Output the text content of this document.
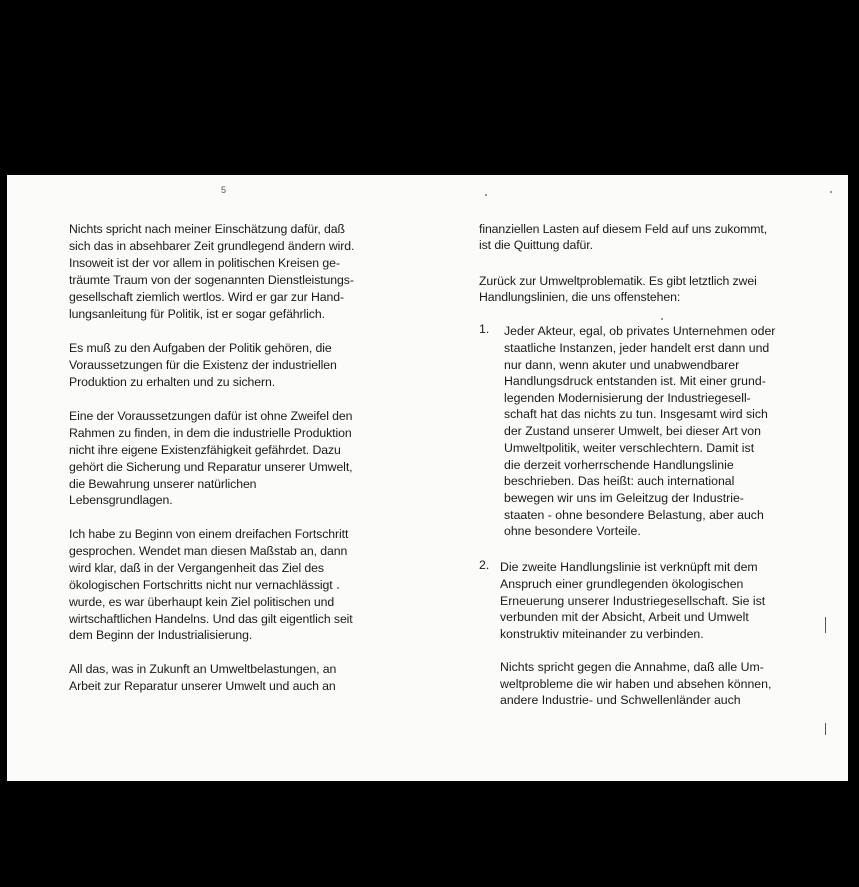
5
Nichts spricht nach meiner Einschätzung dafür, daß
sich das in absehbarer Zeit grundlegend ändern wird.
Insoweit ist der vor allem in politischen Kreisen ge-
träumte Traum von der sogenannten Dienstleistungs-
gesellschaft ziemlich wertlos. Wird er gar zur Hand-
lungsanleitung für Politik, ist er sogar gefährlich.
Es muß zu den Aufgaben der Politik gehören, die
Voraussetzungen für die Existenz der industriellen
Produktion zu erhalten und zu sichern.
Eine der Voraussetzungen dafür ist ohne Zweifel den
Rahmen zu finden, in dem die industrielle Produktion
nicht ihre eigene Existenzfähigkeit gefährdet. Dazu
gehört die Sicherung und Reparatur unserer Umwelt,
die Bewahrung unserer natürlichen
Lebensgrundlagen.
Ich habe zu Beginn von einem dreifachen Fortschritt
gesprochen. Wendet man diesen Maßstab an, dann
wird klar, daß in der Vergangenheit das Ziel des
ökologischen Fortschritts nicht nur vernachlässigt
wurde, es war überhaupt kein Ziel politischen und
wirtschaftlichen Handelns. Und das gilt eigentlich seit
dem Beginn der Industrialisierung.
All das, was in Zukunft an Umweltbelastungen, an
Arbeit zur Reparatur unserer Umwelt und auch an
finanziellen Lasten auf diesem Feld auf uns zukommt,
ist die Quittung dafür.
Zurück zur Umweltproblematik. Es gibt letztlich zwei
Handlungslinien, die uns offenstehen:
1. Jeder Akteur, egal, ob privates Unternehmen oder
staatliche Instanzen, jeder handelt erst dann und
nur dann, wenn akuter und unabwendbarer
Handlungsdruck entstanden ist. Mit einer grund-
legenden Modernisierung der Industriegesell-
schaft hat das nichts zu tun. Insgesamt wird sich
der Zustand unserer Umwelt, bei dieser Art von
Umweltpolitik, weiter verschlechtern. Damit ist
die derzeit vorherrschende Handlungslinie
beschrieben. Das heißt: auch international
bewegen wir uns im Geleitzug der Industrie-
staaten - ohne besondere Belastung, aber auch
ohne besondere Vorteile.
2. Die zweite Handlungslinie ist verknüpft mit dem
Anspruch einer grundlegenden ökologischen
Erneuerung unserer Industriegesellschaft. Sie ist
verbunden mit der Absicht, Arbeit und Umwelt
konstruktiv miteinander zu verbinden.
Nichts spricht gegen die Annahme, daß alle Um-
weltprobleme die wir haben und absehen können,
andere Industrie- und Schwellenländer auch
